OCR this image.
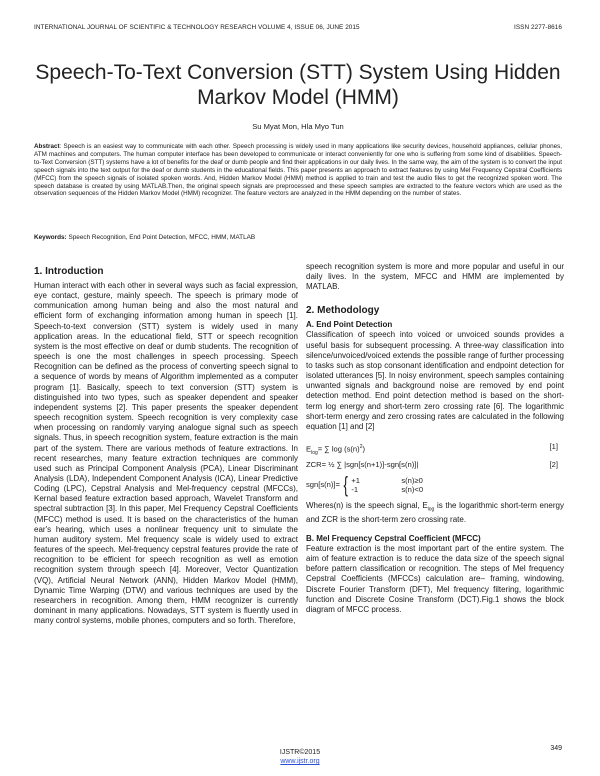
INTERNATIONAL JOURNAL OF SCIENTIFIC & TECHNOLOGY RESEARCH VOLUME 4, ISSUE 06, JUNE 2015	ISSN 2277-8616
Speech-To-Text Conversion (STT) System Using Hidden Markov Model (HMM)
Su Myat Mon, Hla Myo Tun

Abstract: Speech is an easiest way to communicate with each other. Speech processing is widely used in many applications like security devices, household appliances, cellular phones, ATM machines and computers. The human computer interface has been developed to communicate or interact conveniently for one who is suffering from some kind of disabilities. Speech-to-Text Conversion (STT) systems have a lot of benefits for the deaf or dumb people and find their applications in our daily lives. In the same way, the aim of the system is to convert the input speech signals into the text output for the deaf or dumb students in the educational fields. This paper presents an approach to extract features by using Mel Frequency Cepstral Coefficients (MFCC) from the speech signals of isolated spoken words. And, Hidden Markov Model (HMM) method is applied to train and test the audio files to get the recognized spoken word. The speech database is created by using MATLAB.Then, the original speech signals are preprocessed and these speech samples are extracted to the feature vectors which are used as the observation sequences of the Hidden Markov Model (HMM) recognizer. The feature vectors are analyzed in the HMM depending on the number of states.

Keywords: Speech Recognition, End Point Detection, MFCC, HMM, MATLAB

1. Introduction

Human interact with each other in several ways such as facial expression, eye contact, gesture, mainly speech. The speech is primary mode of communication among human being and also the most natural and efficient form of exchanging information among human in speech [1]. Speech-to-text conversion (STT) system is widely used in many application areas. In the educational field, STT or speech recognition system is the most effective on deaf or dumb students. The recognition of speech is one the most challenges in speech processing. Speech Recognition can be defined as the process of converting speech signal to a sequence of words by means of Algorithm implemented as a computer program [1]. Basically, speech to text conversion (STT) system is distinguished into two types, such as speaker dependent and speaker independent systems [2]. This paper presents the speaker dependent speech recognition system. Speech recognition is very complexity case when processing on randomly varying analogue signal such as speech signals. Thus, in speech recognition system, feature extraction is the main part of the system. There are various methods of feature extractions. In recent researches, many feature extraction techniques are commonly used such as Principal Component Analysis (PCA), Linear Discriminant Analysis (LDA), Independent Component Analysis (ICA), Linear Predictive Coding (LPC), Cepstral Analysis and Mel-frequency cepstral (MFCCs), Kernal based feature extraction based approach, Wavelet Transform and spectral subtraction [3]. In this paper, Mel Frequency Cepstral Coefficients (MFCC) method is used. It is based on the characteristics of the human ear's hearing, which uses a nonlinear frequency unit to simulate the human auditory system. Mel frequency scale is widely used to extract features of the speech. Mel-frequency cepstral features provide the rate of recognition to be efficient for speech recognition as well as emotion recognition system through speech [4]. Moreover, Vector Quantization (VQ), Artificial Neural Network (ANN), Hidden Markov Model (HMM), Dynamic Time Warping (DTW) and various techniques are used by the researchers in recognition. Among them, HMM recognizer is currently dominant in many applications. Nowadays, STT system is fluently used in many control systems, mobile phones, computers and so forth. Therefore,

speech recognition system is more and more popular and useful in our daily lives. In the system, MFCC and HMM are implemented by MATLAB.

2. Methodology
A. End Point Detection

Classification of speech into voiced or unvoiced sounds provides a useful basis for subsequent processing. A three-way classification into silence/unvoiced/voiced extends the possible range of further processing to tasks such as stop consonant identification and endpoint detection for isolated utterances [5]. In noisy environment, speech samples containing unwanted signals and background noise are removed by end point detection method. End point detection method is based on the short-term log energy and short-term zero crossing rate [6]. The logarithmic short-term energy and zero crossing rates are calculated in the following equation [1] and [2]

$E_{log}=$ ∑ $\log (s(n)^2)$	[1]
ZCR= ½ ∑ |sgn[s(n+1)]-sgn[s(n)]|	[2]
sgn[s(n)]= { +1	s(n)≥0
-1	s(n)<0

Wheres(n) is the speech signal, $E_{log}$ is the logarithmic short-term energy and ZCR is the short-term zero crossing rate.

B. Mel Frequency Cepstral Coefficient (MFCC)

Feature extraction is the most important part of the entire system. The aim of feature extraction is to reduce the data size of the speech signal before pattern classification or recognition. The steps of Mel frequency Cepstral Coefficients (MFCCs) calculation are– framing, windowing, Discrete Fourier Transform (DFT), Mel frequency filtering, logarithmic function and Discrete Cosine Transform (DCT).Fig.1 shows the block diagram of MFCC process.

349
IJSTR©2015
www.ijstr.org
